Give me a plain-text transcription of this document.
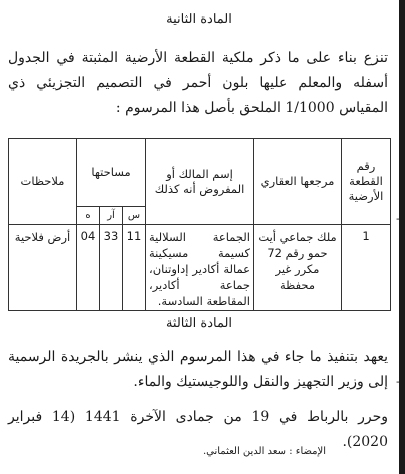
-
-
المادة الثانية
تنزع بناء على ما ذكر ملكية القطعة الأرضية المثبتة في الجدول أسفله والمعلم عليها بلون أحمر في التصميم التجزيئي ذي المقياس 1/1000 الملحق بأصل هذا المرسوم :
رقم القطعة الأرضية	مرجعها العقاري	إسم المالك أو المفروض أنه كذلك	مساحتها			ملاحظات
			س	آر	ه	
1	ملك جماعي أيت حمو رقم 72 مكرر غير محفظة	الجماعة السلالية كسيمة مسيكينة عمالة أكادير إداوتنان، جماعة أكادير، المقاطعة السادسة.	11	33	04	أرض فلاحية
المادة الثالثة
يعهد بتنفيذ ما جاء في هذا المرسوم الذي ينشر بالجريدة الرسمية إلى وزير التجهيز والنقل واللوجيستيك والماء.
وحرر بالرباط في 19 من جمادى الآخرة 1441 (14 فبراير 2020).
الإمضاء : سعد الدين العثماني.
